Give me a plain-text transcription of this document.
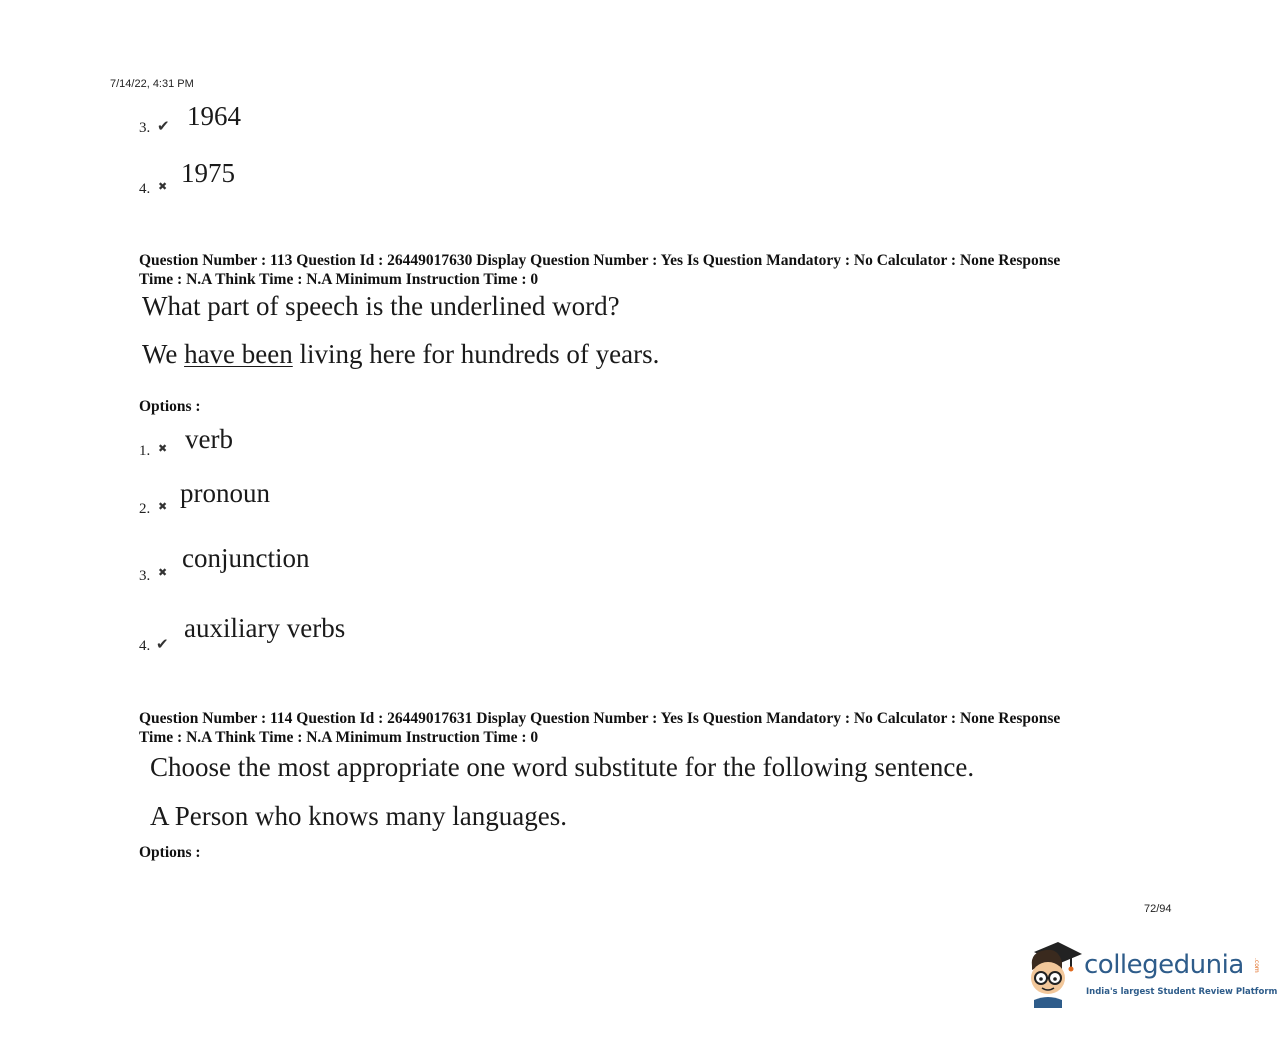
7/14/22, 4:31 PM
3. ✔ 1964
4. ✖ 1975
Question Number : 113 Question Id : 26449017630 Display Question Number : Yes Is Question Mandatory : No Calculator : None Response
Time : N.A Think Time : N.A Minimum Instruction Time : 0
What part of speech is the underlined word?
We have been living here for hundreds of years.
Options :
1. ✖ verb
2. ✖ pronoun
3. ✖ conjunction
4. ✔
auxiliary verbs
Question Number : 114 Question Id : 26449017631 Display Question Number : Yes Is Question Mandatory : No Calculator : None Response
Time : N.A Think Time : N.A Minimum Instruction Time : 0
Choose the most appropriate one word substitute for the following sentence.
A Person who knows many languages.
Options :
72/94
collegedunia .com
India's largest Student Review Platform
